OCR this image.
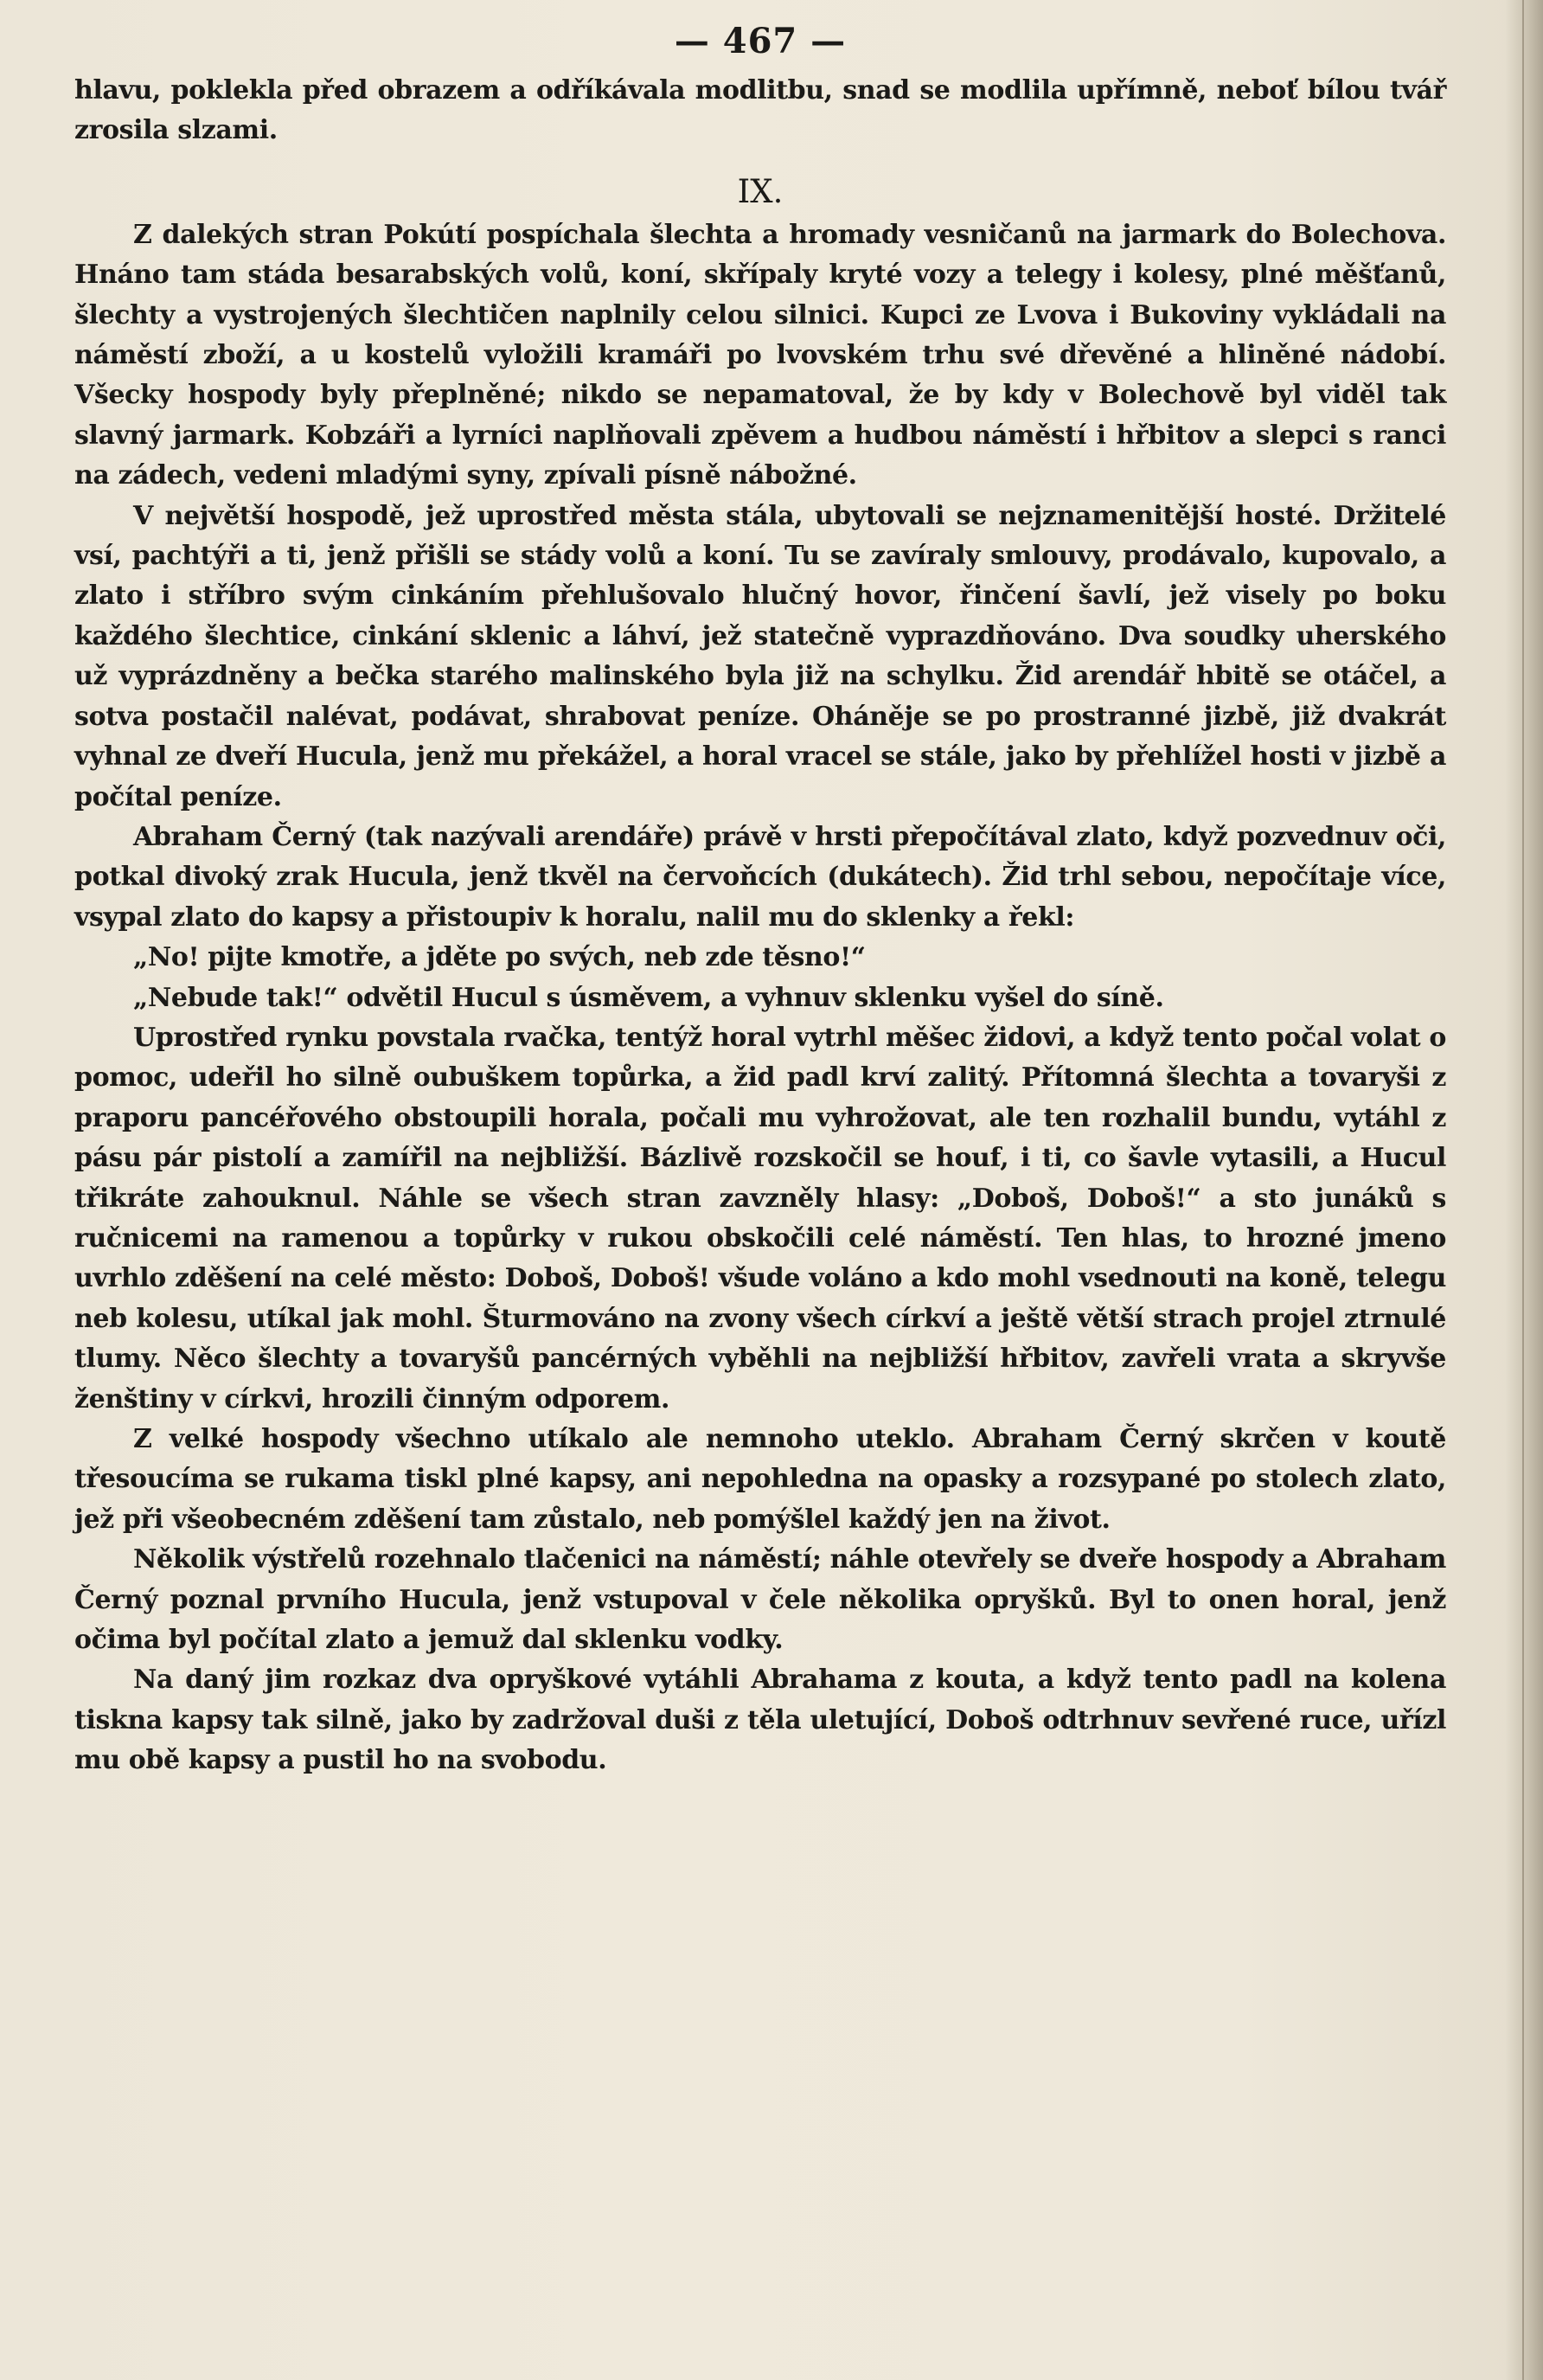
— 467 —

hlavu, poklekla před obrazem a odříkávala modlitbu, snad se modlila upřímně, neboť bílou tvář zrosila slzami.

IX.

Z dalekých stran Pokútí pospíchala šlechta a hromady vesničanů na jarmark do Bolechova. Hnáno tam stáda besarabských volů, koní, skřípaly kryté vozy a telegy i kolesy, plné měšťanů, šlechty a vystrojených šlechtičen naplnily celou silnici. Kupci ze Lvova i Bukoviny vykládali na náměstí zboží, a u kostelů vyložili kramáři po lvovském trhu své dřevěné a hliněné nádobí. Všecky hospody byly přeplněné; nikdo se nepamatoval, že by kdy v Bolechově byl viděl tak slavný jarmark. Kobzáři a lyrníci naplňovali zpěvem a hudbou náměstí i hřbitov a slepci s ranci na zádech, vedeni mladými syny, zpívali písně nábožné.

V největší hospodě, jež uprostřed města stála, ubytovali se nejznamenitější hosté. Držitelé vsí, pachtýři a ti, jenž přišli se stády volů a koní. Tu se zavíraly smlouvy, prodávalo, kupovalo, a zlato i stříbro svým cinkáním přehlušovalo hlučný hovor, řinčení šavlí, jež visely po boku každého šlechtice, cinkání sklenic a láhví, jež statečně vyprazdňováno. Dva soudky uherského už vyprázdněny a bečka starého malinského byla již na schylku. Žid arendář hbitě se otáčel, a sotva postačil nalévat, podávat, shrabovat peníze. Oháněje se po prostranné jizbě, již dvakrát vyhnal ze dveří Hucula, jenž mu překážel, a horal vracel se stále, jako by přehlížel hosti v jizbě a počítal peníze.

Abraham Černý (tak nazývali arendáře) právě v hrsti přepočítával zlato, když pozvednuv oči, potkal divoký zrak Hucula, jenž tkvěl na červoňcích (dukátech). Žid trhl sebou, nepočítaje více, vsypal zlato do kapsy a přistoupiv k horalu, nalil mu do sklenky a řekl:

„No! pijte kmotře, a jděte po svých, neb zde těsno!“

„Nebude tak!“ odvětil Hucul s úsměvem, a vyhnuv sklenku vyšel do síně.

Uprostřed rynku povstala rvačka, tentýž horal vytrhl měšec židovi, a když tento počal volat o pomoc, udeřil ho silně oubuškem topůrka, a žid padl krví zalitý. Přítomná šlechta a tovaryši z praporu pancéřového obstoupili horala, počali mu vyhrožovat, ale ten rozhalil bundu, vytáhl z pásu pár pistolí a zamířil na nejbližší. Bázlivě rozskočil se houf, i ti, co šavle vytasili, a Hucul třikráte zahouknul. Náhle se všech stran zavzněly hlasy: „Doboš, Doboš!“ a sto junáků s ručnicemi na ramenou a topůrky v rukou obskočili celé náměstí. Ten hlas, to hrozné jmeno uvrhlo zděšení na celé město: Doboš, Doboš! všude voláno a kdo mohl vsednouti na koně, telegu neb kolesu, utíkal jak mohl. Šturmováno na zvony všech církví a ještě větší strach projel ztrnulé tlumy. Něco šlechty a tovaryšů pancérných vyběhli na nejbližší hřbitov, zavřeli vrata a skryvše ženštiny v církvi, hrozili činným odporem.

Z velké hospody všechno utíkalo ale nemnoho uteklo. Abraham Černý skrčen v koutě třesoucíma se rukama tiskl plné kapsy, ani nepohledna na opasky a rozsypané po stolech zlato, jež při všeobecném zděšení tam zůstalo, neb pomýšlel každý jen na život.

Několik výstřelů rozehnalo tlačenici na náměstí; náhle otevřely se dveře hospody a Abraham Černý poznal prvního Hucula, jenž vstupoval v čele několika opryšků. Byl to onen horal, jenž očima byl počítal zlato a jemuž dal sklenku vodky.

Na daný jim rozkaz dva opryškové vytáhli Abrahama z kouta, a když tento padl na kolena tiskna kapsy tak silně, jako by zadržoval duši z těla uletující, Doboš odtrhnuv sevřené ruce, uřízl mu obě kapsy a pustil ho na svobodu.
